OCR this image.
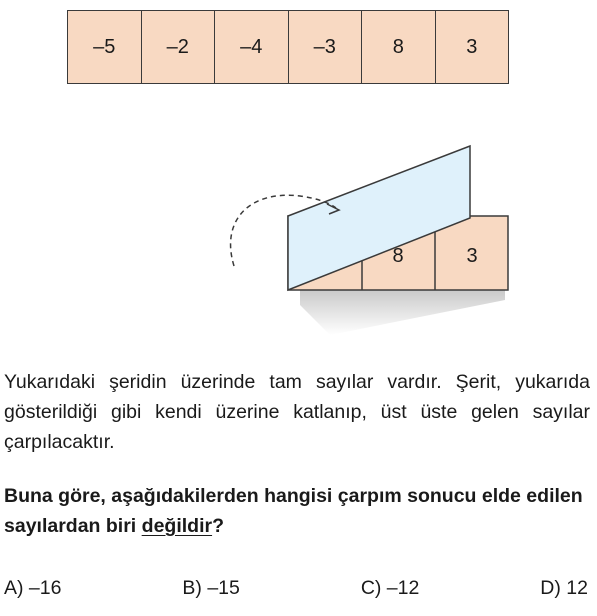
–5	–2	–4	–3	8	3
8	3

Yukarıdaki şeridin üzerinde tam sayılar vardır. Şerit, yukarıda gösterildiği gibi kendi üzerine katlanıp, üst üste gelen sayılar çarpılacaktır.

Buna göre, aşağıdakilerden hangisi çarpım sonucu elde edilen sayılardan biri değildir?

A) –16	B) –15	C) –12	D) 12
